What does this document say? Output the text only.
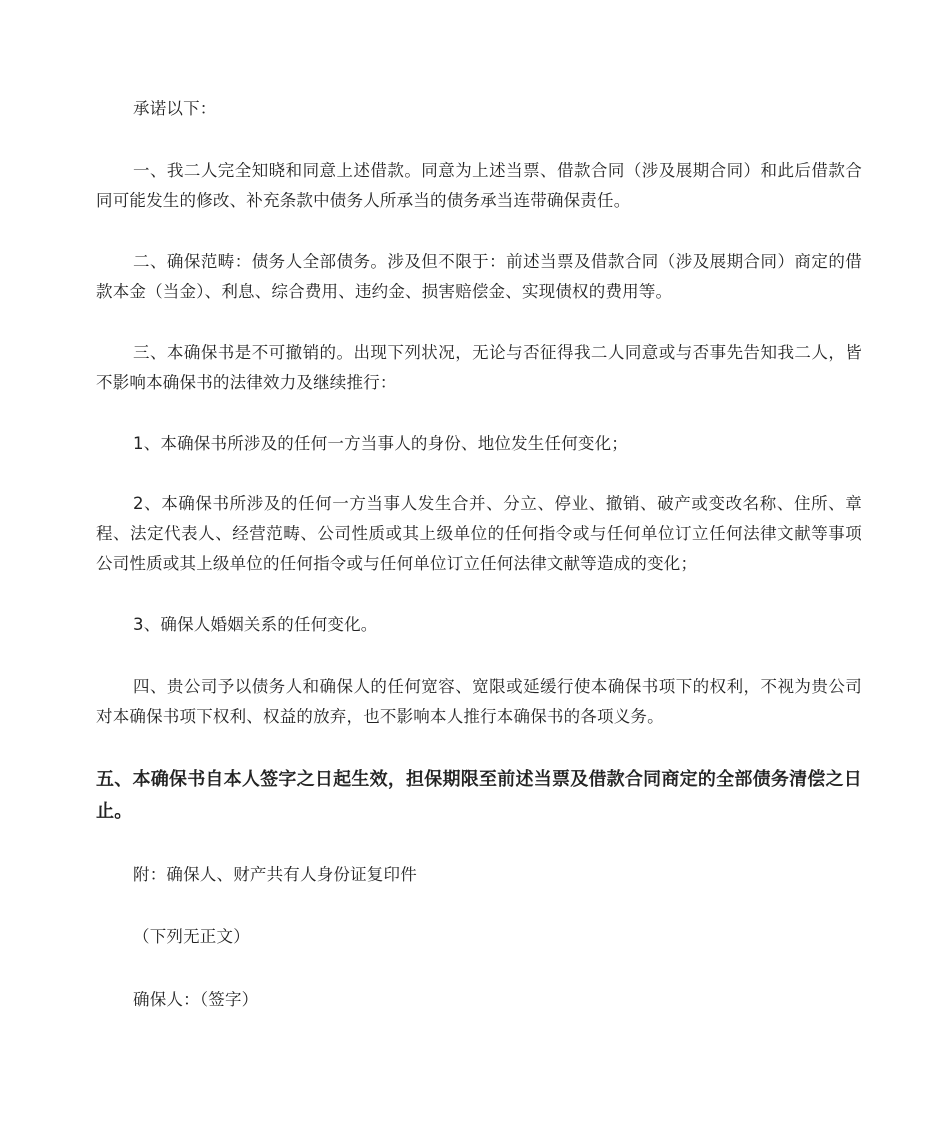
承诺以下：

一、我二人完全知晓和同意上述借款。同意为上述当票、借款合同（涉及展期合同）和此后借款合同可能发生的修改、补充条款中债务人所承当的债务承当连带确保责任。

二、确保范畴：债务人全部债务。涉及但不限于：前述当票及借款合同（涉及展期合同）商定的借款本金（当金）、利息、综合费用、违约金、损害赔偿金、实现债权的费用等。

三、本确保书是不可撤销的。出现下列状况，无论与否征得我二人同意或与否事先告知我二人，皆不影响本确保书的法律效力及继续推行：

1、本确保书所涉及的任何一方当事人的身份、地位发生任何变化；

2、本确保书所涉及的任何一方当事人发生合并、分立、停业、撤销、破产或变改名称、住所、章程、法定代表人、经营范畴、公司性质或其上级单位的任何指令或与任何单位订立任何法律文献等事项公司性质或其上级单位的任何指令或与任何单位订立任何法律文献等造成的变化；

3、确保人婚姻关系的任何变化。

四、贵公司予以债务人和确保人的任何宽容、宽限或延缓行使本确保书项下的权利，不视为贵公司对本确保书项下权利、权益的放弃，也不影响本人推行本确保书的各项义务。

五、本确保书自本人签字之日起生效，担保期限至前述当票及借款合同商定的全部债务清偿之日止。

附：确保人、财产共有人身份证复印件

（下列无正文）

确保人：（签字）
